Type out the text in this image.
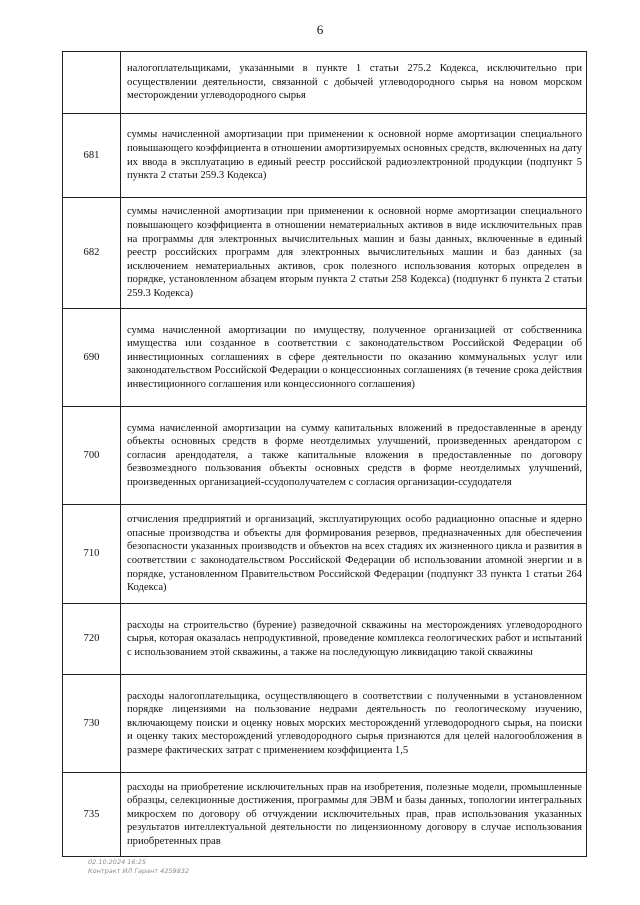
6
	налогоплательщиками, указанными в пункте 1 статьи 275.2 Кодекса, исключительно при осуществлении деятельности, связанной с добычей углеводородного сырья на новом морском месторождении углеводородного сырья
681	суммы начисленной амортизации при применении к основной норме амортизации специального повышающего коэффициента в отношении амортизируемых основных средств, включенных на дату их ввода в эксплуатацию в единый реестр российской радиоэлектронной продукции (подпункт 5 пункта 2 статьи 259.3 Кодекса)
682	суммы начисленной амортизации при применении к основной норме амортизации специального повышающего коэффициента в отношении нематериальных активов в виде исключительных прав на программы для электронных вычислительных машин и базы данных, включенные в единый реестр российских программ для электронных вычислительных машин и баз данных (за исключением нематериальных активов, срок полезного использования которых определен в порядке, установленном абзацем вторым пункта 2 статьи 258 Кодекса) (подпункт 6 пункта 2 статьи 259.3 Кодекса)
690	сумма начисленной амортизации по имуществу, полученное организацией от собственника имущества или созданное в соответствии с законодательством Российской Федерации об инвестиционных соглашениях в сфере деятельности по оказанию коммунальных услуг или законодательством Российской Федерации о концессионных соглашениях (в течение срока действия инвестиционного соглашения или концессионного соглашения)
700	сумма начисленной амортизации на сумму капитальных вложений в предоставленные в аренду объекты основных средств в форме неотделимых улучшений, произведенных арендатором с согласия арендодателя, а также капитальные вложения в предоставленные по договору безвозмездного пользования объекты основных средств в форме неотделимых улучшений, произведенных организацией-ссудополучателем с согласия организации-ссудодателя
710	отчисления предприятий и организаций, эксплуатирующих особо радиационно опасные и ядерно опасные производства и объекты для формирования резервов, предназначенных для обеспечения безопасности указанных производств и объектов на всех стадиях их жизненного цикла и развития в соответствии с законодательством Российской Федерации об использовании атомной энергии и в порядке, установленном Правительством Российской Федерации (подпункт 33 пункта 1 статьи 264 Кодекса)
720	расходы на строительство (бурение) разведочной скважины на месторождениях углеводородного сырья, которая оказалась непродуктивной, проведение комплекса геологических работ и испытаний с использованием этой скважины, а также на последующую ликвидацию такой скважины
730	расходы налогоплательщика, осуществляющего в соответствии с полученными в установленном порядке лицензиями на пользование недрами деятельность по геологическому изучению, включающему поиски и оценку новых морских месторождений углеводородного сырья, на поиски и оценку таких месторождений углеводородного сырья признаются для целей налогообложения в размере фактических затрат с применением коэффициента 1,5
735	расходы на приобретение исключительных прав на изобретения, полезные модели, промышленные образцы, селекционные достижения, программы для ЭВМ и базы данных, топологии интегральных микросхем по договору об отчуждении исключительных прав, прав использования указанных результатов интеллектуальной деятельности по лицензионному договору в случае использования приобретенных прав
02.10.2024 16:25
Контракт ИЛ Гарант 4259832
